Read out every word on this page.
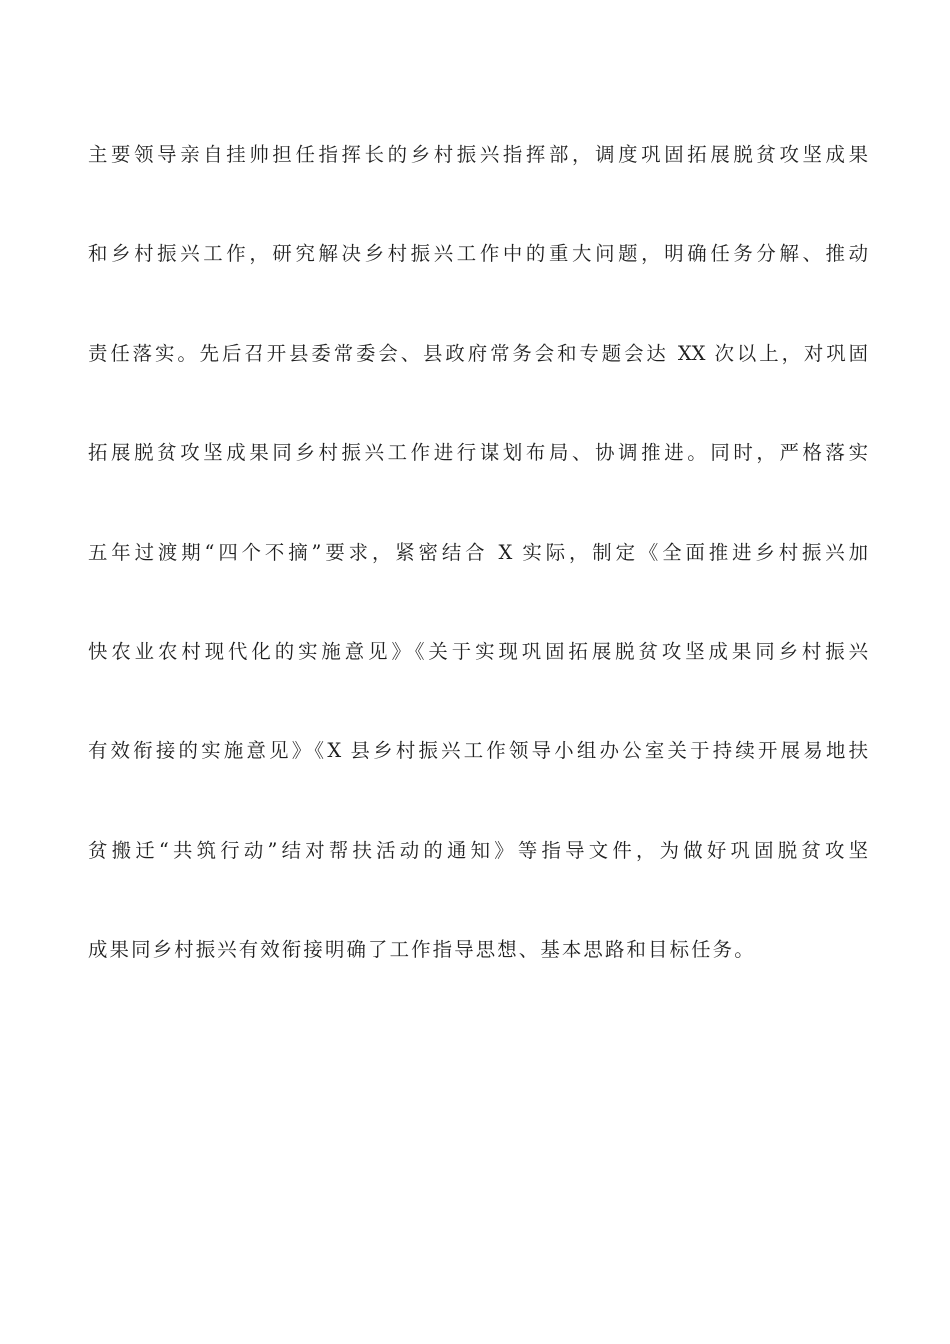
主要领导亲自挂帅担任指挥长的乡村振兴指挥部，调度巩固拓展脱贫攻坚成果
和乡村振兴工作，研究解决乡村振兴工作中的重大问题，明确任务分解、推动
责任落实。先后召开县委常委会、县政府常务会和专题会达 XX 次以上，对巩固
拓展脱贫攻坚成果同乡村振兴工作进行谋划布局、协调推进。同时，严格落实
五年过渡期“四个不摘”要求，紧密结合 X 实际，制定《全面推进乡村振兴加
快农业农村现代化的实施意见》《关于实现巩固拓展脱贫攻坚成果同乡村振兴
有效衔接的实施意见》《X 县乡村振兴工作领导小组办公室关于持续开展易地扶
贫搬迁“共筑行动”结对帮扶活动的通知》等指导文件，为做好巩固脱贫攻坚
成果同乡村振兴有效衔接明确了工作指导思想、基本思路和目标任务。
